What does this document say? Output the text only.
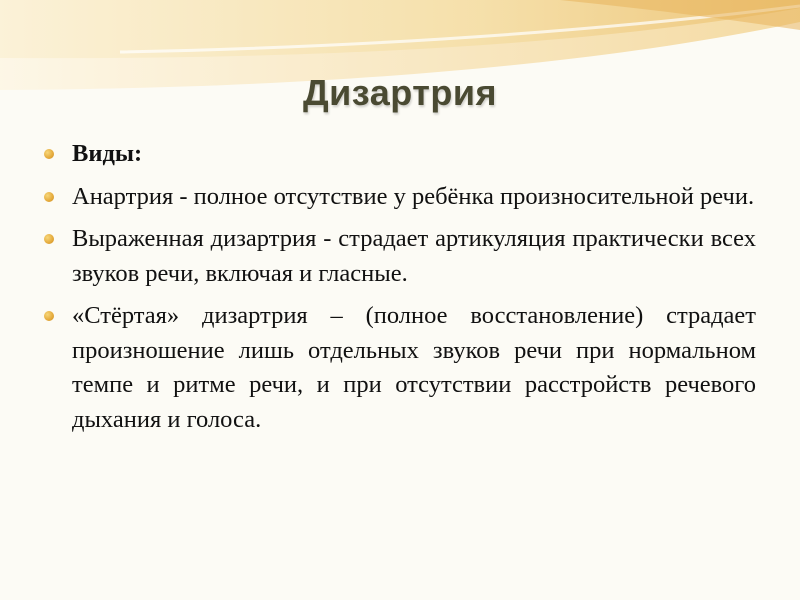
Дизартрия
Виды:
Анартрия - полное отсутствие у ребёнка произносительной речи.
Выраженная дизартрия - страдает артикуляция практически всех звуков речи, включая и гласные.
«Стёртая» дизартрия – (полное восстановление) страдает произношение лишь отдельных звуков речи при нормальном темпе и ритме речи, и при отсутствии расстройств речевого дыхания и голоса.
